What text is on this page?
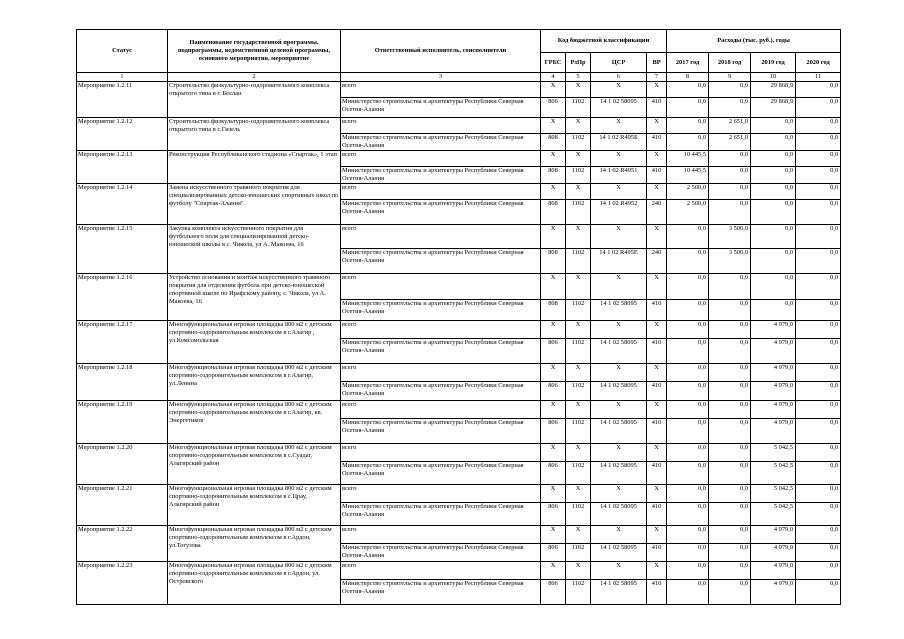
Статус	Наименование государственной программы, подпрограммы, ведомственной целевой программы, основного мероприятия, мероприятие	Ответственный исполнитель, соисполнители	Код бюджетной классификации				Расходы (тыс. руб.), годы			
			ГРБС	РзПр	ЦСР	ВР	2017 год	2018 год	2019 год	2020 год
1	2	3	4	5	6	7	8	9	10	11
Мероприятие 1.2.11	Строительство физкультурно-оздоровительного комплекса открытого типа в г. Беслан	всего	X	X	X	X	0,0	0,0	29 868,9	0,0
		Министерство строительства и архитектуры Республики Северная Осетия-Алания	806	1102	14 1 02 58095	410	0,0	0,0	29 868,9	0,0
Мероприятие 1.2.12	Строительство физкультурно-оздоровительного комплекса открытого типа в с.Гизель	всего	X	X	X	X	0,0	2 651,0	0,0	0,0
		Министерство строительства и архитектуры Республики Северная Осетия-Алания	808	1102	14 1 02 R495Б	410	0,0	2 651,0	0,0	0,0
Мероприятие 1.2.13	Реконструкция Республиканского стадиона «Спартак», 1 этап	всего	X	X	X	X	10 445,5	0,0	0,0	0,0
		Министерство строительства и архитектуры Республики Северная Осетия-Алания	808	1102	14 1 02 R4951	410	10 445,5	0,0	0,0	0,0
Мероприятие 1.2.14	Замена искусственного травяного покрытия для специализированных детско-юношеских спортивных школ по футболу "Спартак-Алания"	всего	X	X	X	X	2 500,0	0,0	0,0	0,0
		Министерство строительства и архитектуры Республики Северная Осетия-Алания	808	1102	14 1 02 R4952	240	2 500,0	0,0	0,0	0,0
Мероприятие 1.2.15	Закупка комплекта искусственного покрытия для футбольного поля для специализированной детско-юношеской школы в с. Чикола, ул А. Макоева, 16	всего	X	X	X	X	0,0	3 500,0	0,0	0,0
		Министерство строительства и архитектуры Республики Северная Осетия-Алания	808	1102	14 1 02 R495E	240	0,0	3 500,0	0,0	0,0
Мероприятие 1.2.16	Устройство основания и монтаж искусственного травяного покрытия для отделения футбола при детско-юношеской спортивной школе по Ирафскому району, с. Чикола, ул А. Макоева, 16	всего	X	X	X	X	0,0	0,0	0,0	0,0
		Министерство строительства и архитектуры Республики Северная Осетия-Алания	808	1102	14 1 02 58095	410	0,0	0,0	0,0	0,0
Мероприятие 1.2.17	Многофункциональная игровая площадка 800 м2 с детским спортивно-оздоровительным комплексом в г.Алагир , ул.Комсомольская	всего	X	X	X	X	0,0	0,0	4 979,0	0,0
		Министерство строительства и архитектуры Республики Северная Осетия-Алания	806	1102	14 1 02 58095	410	0,0	0,0	4 979,0	0,0
Мероприятие 1.2.18	Многофункциональная игровая площадка 800 м2 с детским спортивно-оздоровительным комплексом в г.Алагир, ул.Ленина	всего	X	X	X	X	0,0	0,0	4 979,0	0,0
		Министерство строительства и архитектуры Республики Северная Осетия-Алания	806	1102	14 1 02 58095	410	0,0	0,0	4 979,0	0,0
Мероприятие 1.2.19	Многофункциональная игровая площадка 800 м2 с детским спортивно-оздоровительным комплексом в г.Алагир, кв. Энергетиков	всего	X	X	X	X	0,0	0,0	4 979,0	0,0
		Министерство строительства и архитектуры Республики Северная Осетия-Алания	806	1102	14 1 02 58095	410	0,0	0,0	4 979,0	0,0
Мероприятие 1.2.20	Многофункциональная игровая площадка 800 м2 с детским спортивно-оздоровительным комплексом в с.Суадаг, Алагирский район	всего	X	X	X	X	0,0	0,0	5 042,5	0,0
		Министерство строительства и архитектуры Республики Северная Осетия-Алания	806	1102	14 1 02 58095	410	0,0	0,0	5 042,5	0,0
Мероприятие 1.2.21	Многофункциональная игровая площадка 800 м2 с детским спортивно-оздоровительным комплексом в с.Црау, Алагирский район	всего	X	X	X	X	0,0	0,0	5 042,5	0,0
		Министерство строительства и архитектуры Республики Северная Осетия-Алания	806	1102	14 1 02 58095	410	0,0	0,0	5 042,5	0,0
Мероприятие 1.2.22	Многофункциональная игровая площадка 800 м2 с детским спортивно-оздоровительным комплексом в г.Ардон, ул.Тогузова	всего	X	X	X	X	0,0	0,0	4 979,0	0,0
		Министерство строительства и архитектуры Республики Северная Осетия-Алания	806	1102	14 1 02 58095	410	0,0	0,0	4 979,0	0,0
Мероприятие 1.2.23	Многофункциональная игровая площадка 800 м2 с детским спортивно-оздоровительным комплексом в г.Ардон, ул. Островского	всего	X	X	X	X	0,0	0,0	4 979,0	0,0
		Министерство строительства и архитектуры Республики Северная Осетия-Алания	806	1102	14 1 02 58095	410	0,0	0,0	4 979,0	0,0
